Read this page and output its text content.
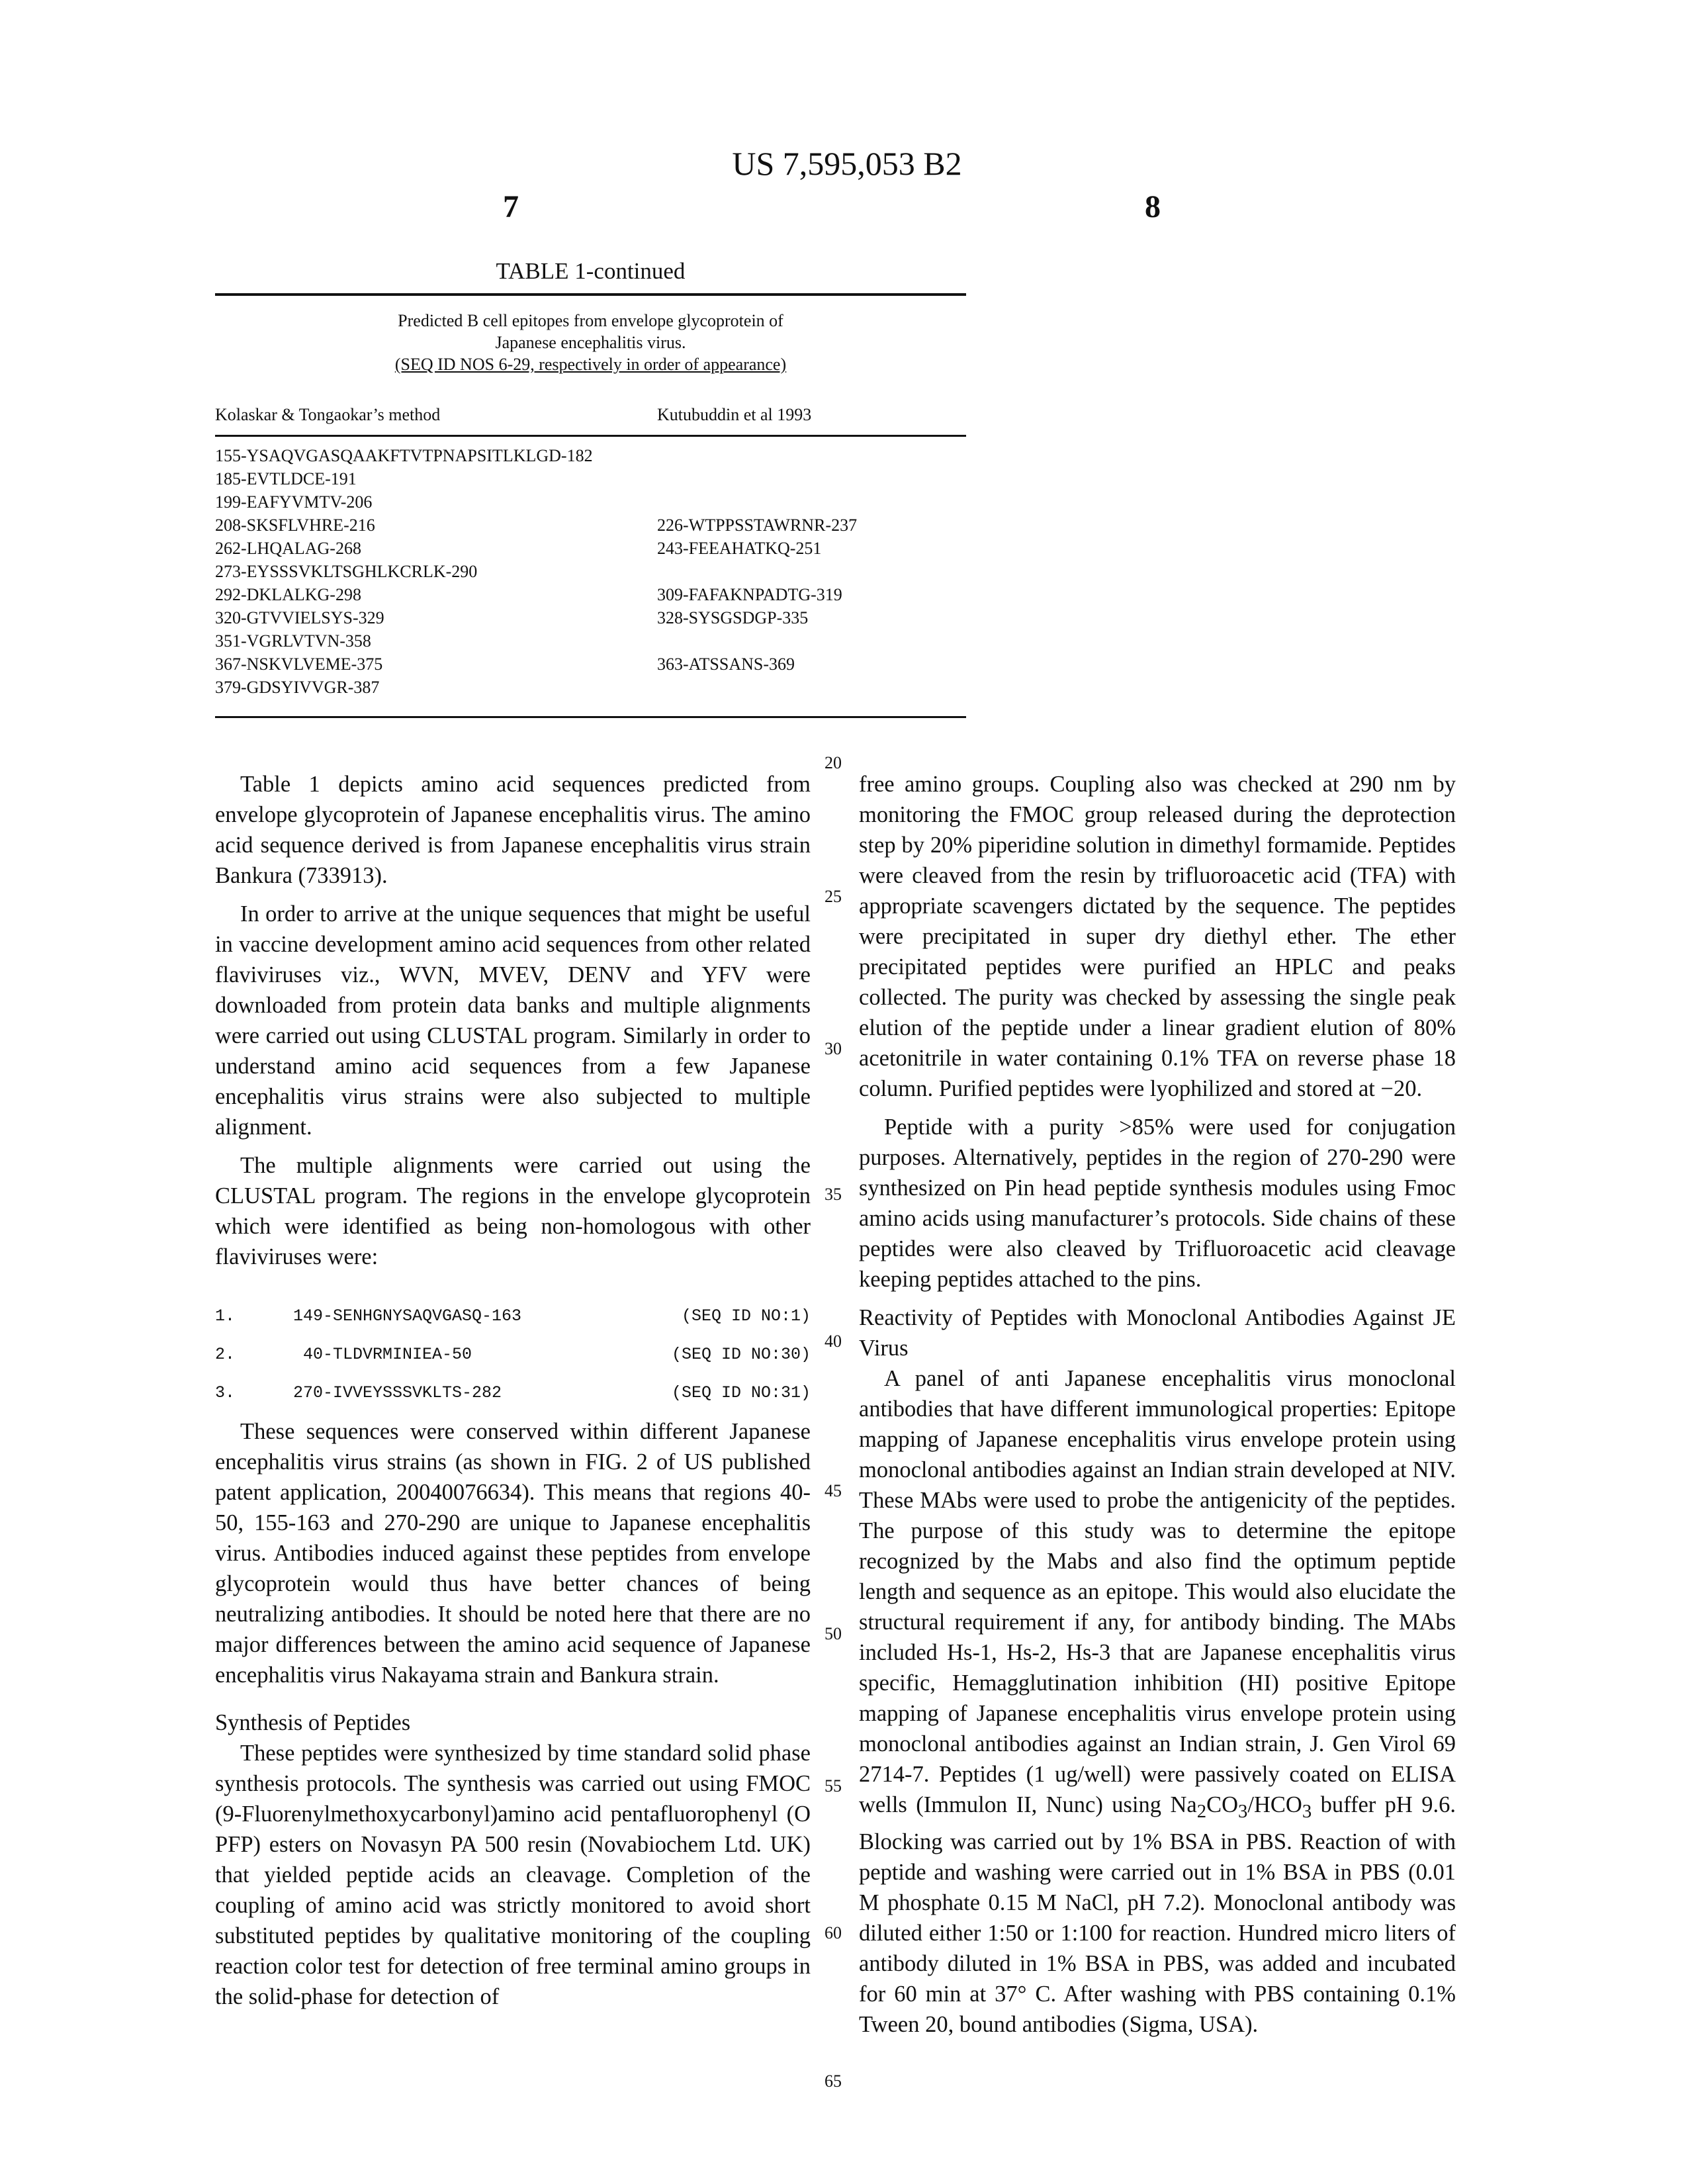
US 7,595,053 B2
7	8
TABLE 1-continued
Predicted B cell epitopes from envelope glycoprotein of
Japanese encephalitis virus.
(SEQ ID NOS 6-29, respectively in order of appearance)
Kolaskar & Tongaokar’s method	Kutubuddin et al 1993
155-YSAQVGASQAAKFTVTPNAPSITLKLGD-182
185-EVTLDCE-191
199-EAFYVMTV-206
208-SKSFLVHRE-216	226-WTPPSSTAWRNR-237
262-LHQALAG-268	243-FEEAHATKQ-251
273-EYSSSVKLTSGHLKCRLK-290
292-DKLALKG-298	309-FAFAKNPADTG-319
320-GTVVIELSYS-329	328-SYSGSDGP-335
351-VGRLVTVN-358
367-NSKVLVEME-375	363-ATSSANS-369
379-GDSYIVVGR-387

Table 1 depicts amino acid sequences predicted from envelope glycoprotein of Japanese encephalitis virus. The amino acid sequence derived is from Japanese encephalitis virus strain Bankura (733913).

In order to arrive at the unique sequences that might be useful in vaccine development amino acid sequences from other related flaviviruses viz., WVN, MVEV, DENV and YFV were downloaded from protein data banks and multiple alignments were carried out using CLUSTAL program. Similarly in order to understand amino acid sequences from a few Japanese encephalitis virus strains were also subjected to multiple alignment.

The multiple alignments were carried out using the CLUSTAL program. The regions in the envelope glycoprotein which were identified as being non-homologous with other flaviviruses were:

1.	149-SENHGNYSAQVGASQ-163	(SEQ ID NO:1)
2.	40-TLDVRMINIEA-50	(SEQ ID NO:30)
3.	270-IVVEYSSSVKLTS-282	(SEQ ID NO:31)

These sequences were conserved within different Japanese encephalitis virus strains (as shown in FIG. 2 of US published patent application, 20040076634). This means that regions 40-50, 155-163 and 270-290 are unique to Japanese encephalitis virus. Antibodies induced against these peptides from envelope glycoprotein would thus have better chances of being neutralizing antibodies. It should be noted here that there are no major differences between the amino acid sequence of Japanese encephalitis virus Nakayama strain and Bankura strain.

Synthesis of Peptides

These peptides were synthesized by time standard solid phase synthesis protocols. The synthesis was carried out using FMOC (9-Fluorenylmethoxycarbonyl)amino acid pentafluorophenyl (O PFP) esters on Novasyn PA 500 resin (Novabiochem Ltd. UK) that yielded peptide acids an cleavage. Completion of the coupling of amino acid was strictly monitored to avoid short substituted peptides by qualitative monitoring of the coupling reaction color test for detection of free terminal amino groups in the solid-phase for detection of

free amino groups. Coupling also was checked at 290 nm by monitoring the FMOC group released during the deprotection step by 20% piperidine solution in dimethyl formamide. Peptides were cleaved from the resin by trifluoroacetic acid (TFA) with appropriate scavengers dictated by the sequence. The peptides were precipitated in super dry diethyl ether. The ether precipitated peptides were purified an HPLC and peaks collected. The purity was checked by assessing the single peak elution of the peptide under a linear gradient elution of 80% acetonitrile in water containing 0.1% TFA on reverse phase 18 column. Purified peptides were lyophilized and stored at −20.

Peptide with a purity >85% were used for conjugation purposes. Alternatively, peptides in the region of 270-290 were synthesized on Pin head peptide synthesis modules using Fmoc amino acids using manufacturer’s protocols. Side chains of these peptides were also cleaved by Trifluoroacetic acid cleavage keeping peptides attached to the pins.

Reactivity of Peptides with Monoclonal Antibodies Against JE Virus

A panel of anti Japanese encephalitis virus monoclonal antibodies that have different immunological properties: Epitope mapping of Japanese encephalitis virus envelope protein using monoclonal antibodies against an Indian strain developed at NIV. These MAbs were used to probe the antigenicity of the peptides. The purpose of this study was to determine the epitope recognized by the Mabs and also find the optimum peptide length and sequence as an epitope. This would also elucidate the structural requirement if any, for antibody binding. The MAbs included Hs-1, Hs-2, Hs-3 that are Japanese encephalitis virus specific, Hemagglutination inhibition (HI) positive Epitope mapping of Japanese encephalitis virus envelope protein using monoclonal antibodies against an Indian strain, J. Gen Virol 69 2714-7. Peptides (1 ug/well) were passively coated on ELISA wells (Immulon II, Nunc) using $Na_2CO_3/HCO_3$ buffer pH 9.6. Blocking was carried out by 1% BSA in PBS. Reaction of with peptide and washing were carried out in 1% BSA in PBS (0.01 M phosphate 0.15 M NaCl, pH 7.2). Monoclonal antibody was diluted either 1:50 or 1:100 for reaction. Hundred micro liters of antibody diluted in 1% BSA in PBS, was added and incubated for 60 min at 37° C. After washing with PBS containing 0.1% Tween 20, bound antibodies (Sigma, USA).

20
25
30
35
40
45
50
55
60
65
